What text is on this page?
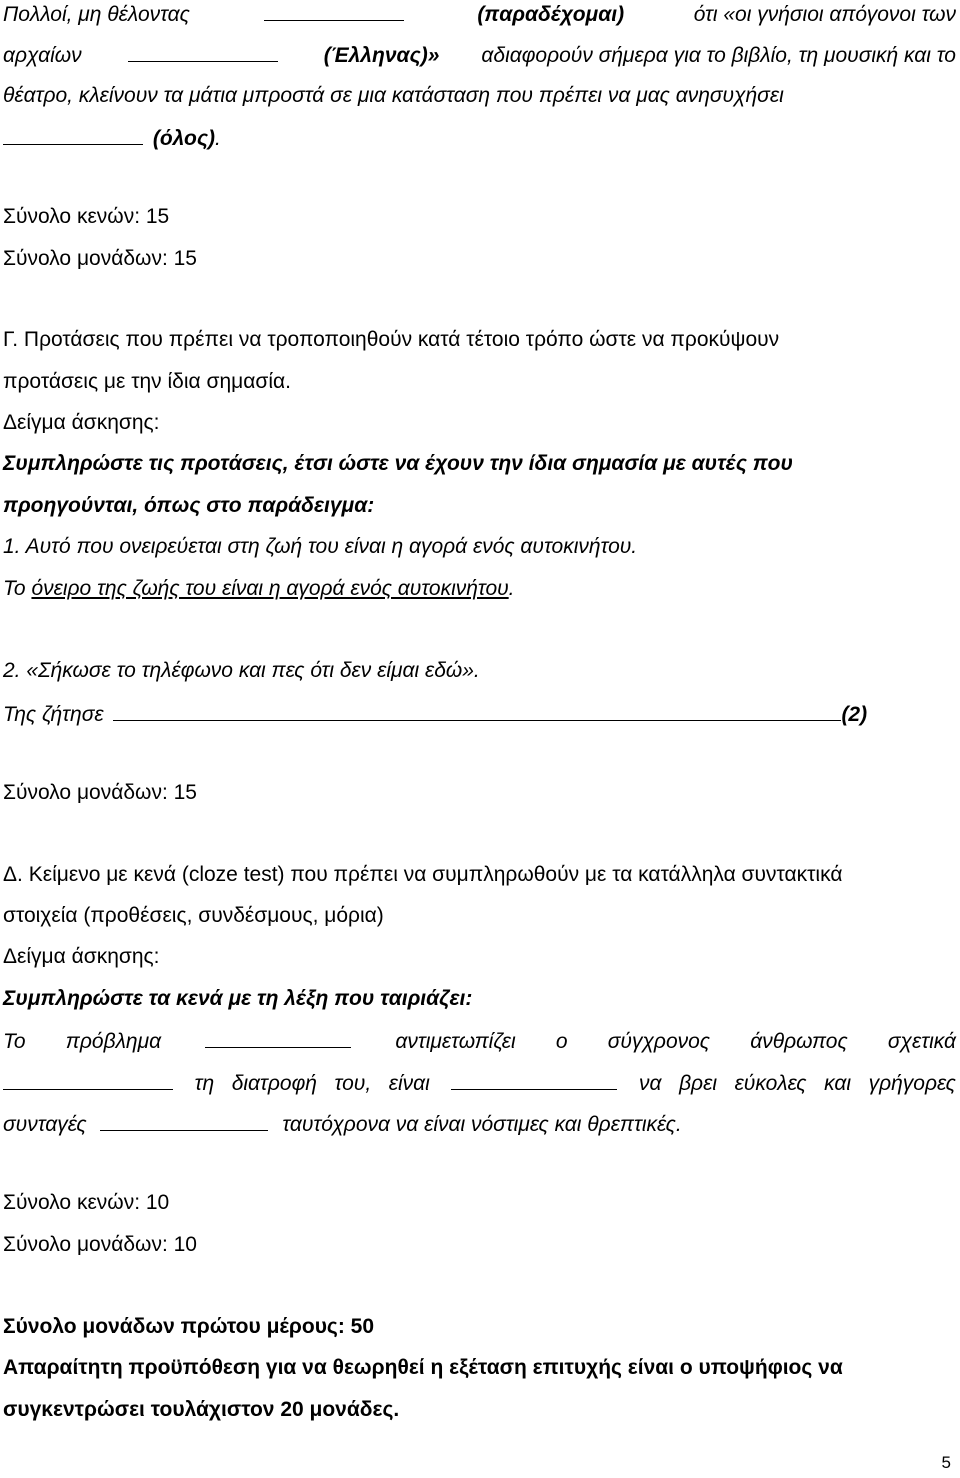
Πολλοί, μη θέλοντας	(παραδέχομαι)	ότι «οι γνήσιοι απόγονοι των
αρχαίων	(Έλληνας)» αδιαφορούν σήμερα για το βιβλίο, τη μουσική και το
θέατρο, κλείνουν τα μάτια μπροστά σε μια κατάσταση που πρέπει να μας ανησυχήσει
(όλος).
Σύνολο κενών: 15
Σύνολο μονάδων: 15
Γ. Προτάσεις που πρέπει να τροποποιηθούν κατά τέτοιο τρόπο ώστε να προκύψουν
προτάσεις με την ίδια σημασία.
Δείγμα άσκησης:
Συμπληρώστε τις προτάσεις, έτσι ώστε να έχουν την ίδια σημασία με αυτές που
προηγούνται, όπως στο παράδειγμα:
1. Αυτό που ονειρεύεται στη ζωή του είναι η αγορά ενός αυτοκινήτου.
Το όνειρο της ζωής του είναι η αγορά ενός αυτοκινήτου.
2. «Σήκωσε το τηλέφωνο και πες ότι δεν είμαι εδώ».
Της ζήτησε	(2)
Σύνολο μονάδων: 15
Δ. Κείμενο με κενά (cloze test) που πρέπει να συμπληρωθούν με τα κατάλληλα συντακτικά
στοιχεία (προθέσεις, συνδέσμους, μόρια)
Δείγμα άσκησης:
Συμπληρώστε τα κενά με τη λέξη που ταιριάζει:
Το πρόβλημα	αντιμετωπίζει ο σύγχρονος άνθρωπος σχετικά
τη διατροφή του, είναι	να βρει εύκολες και γρήγορες
συνταγές	ταυτόχρονα να είναι νόστιμες και θρεπτικές.
Σύνολο κενών: 10
Σύνολο μονάδων: 10
Σύνολο μονάδων πρώτου μέρους: 50
Απαραίτητη προϋπόθεση για να θεωρηθεί η εξέταση επιτυχής είναι ο υποψήφιος να
συγκεντρώσει τουλάχιστον 20 μονάδες.
5
